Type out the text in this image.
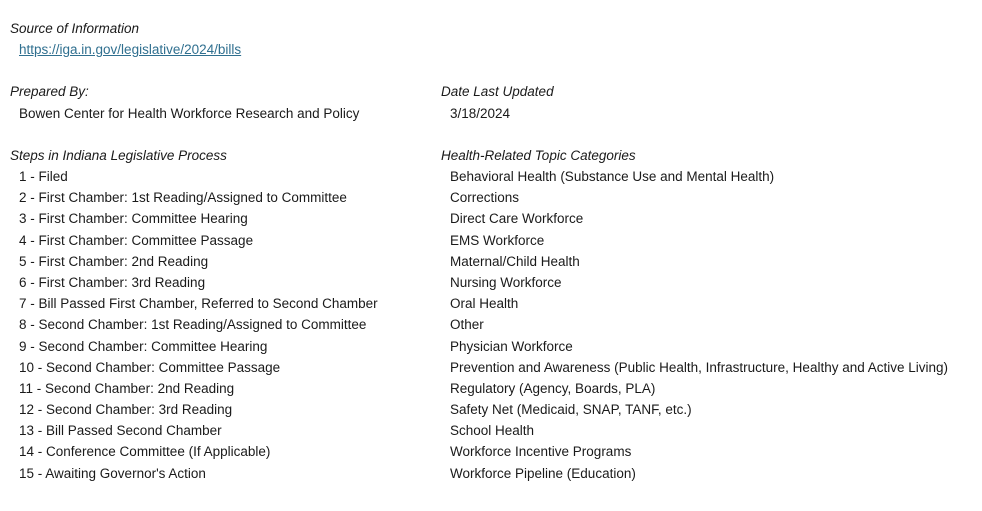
Source of Information
https://iga.in.gov/legislative/2024/bills
Prepared By:
Bowen Center for Health Workforce Research and Policy
Date Last Updated
3/18/2024
Steps in Indiana Legislative Process
1 - Filed
2 - First Chamber: 1st Reading/Assigned to Committee
3 - First Chamber: Committee Hearing
4 - First Chamber: Committee Passage
5 - First Chamber: 2nd Reading
6 - First Chamber: 3rd Reading
7 - Bill Passed First Chamber, Referred to Second Chamber
8 - Second Chamber: 1st Reading/Assigned to Committee
9 - Second Chamber: Committee Hearing
10 - Second Chamber: Committee Passage
11 - Second Chamber: 2nd Reading
12 - Second Chamber: 3rd Reading
13 - Bill Passed Second Chamber
14 - Conference Committee (If Applicable)
15 - Awaiting Governor's Action
Health-Related Topic Categories
Behavioral Health (Substance Use and Mental Health)
Corrections
Direct Care Workforce
EMS Workforce
Maternal/Child Health
Nursing Workforce
Oral Health
Other
Physician Workforce
Prevention and Awareness (Public Health, Infrastructure, Healthy and Active Living)
Regulatory (Agency, Boards, PLA)
Safety Net (Medicaid, SNAP, TANF, etc.)
School Health
Workforce Incentive Programs
Workforce Pipeline (Education)
